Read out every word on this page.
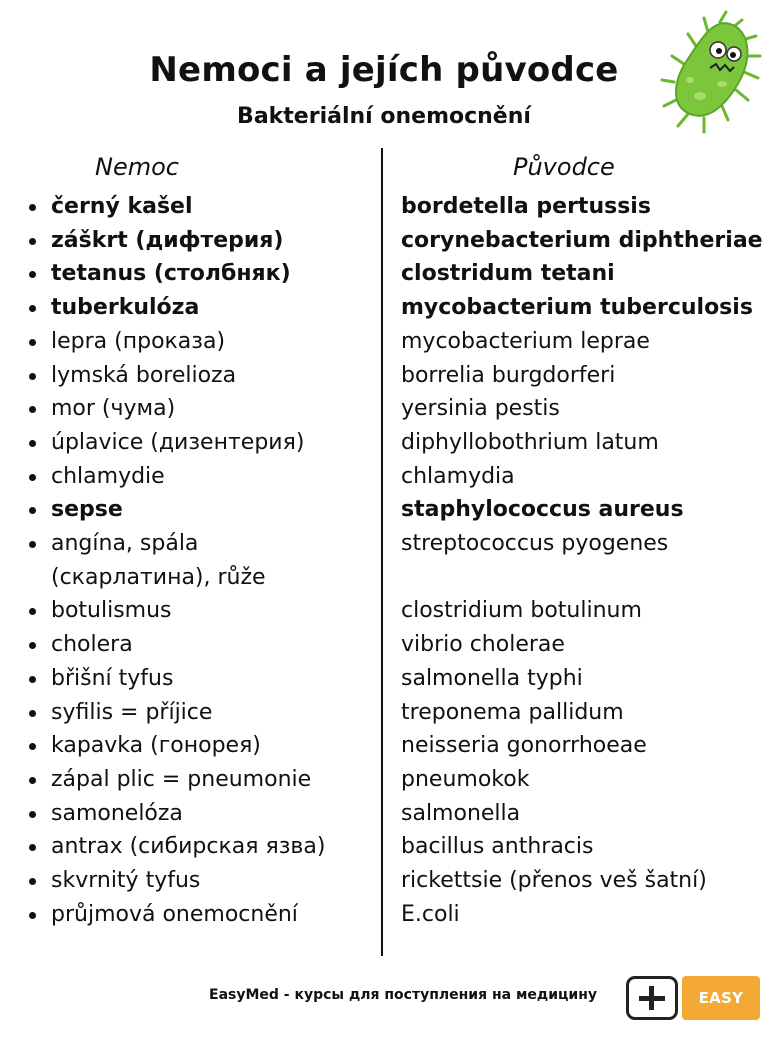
Nemoci a jejích původce
Bakteriální onemocnění
Nemoc	Původce
černý kašel
záškrt (дифтерия)
tetanus (столбняк)
tuberkulóza
lepra (проказа)
lymská borelioza
mor (чума)
úplavice (дизентерия)
chlamydie
sepse
angína, spála
(скарлатина), růže
botulismus
cholera
břišní tyfus
syfilis = příjice
kapavka (гонорея)
zápal plic = pneumonie
samonelóza
antrax (сибирская язва)
skvrnitý tyfus
průjmová onemocnění
bordetella pertussis
corynebacterium diphtheriae
clostridum tetani
mycobacterium tuberculosis
mycobacterium leprae
borrelia burgdorferi
yersinia pestis
diphyllobothrium latum
chlamydia
staphylococcus aureus
streptococcus pyogenes
clostridium botulinum
vibrio cholerae
salmonella typhi
treponema pallidum
neisseria gonorrhoeae
pneumokok
salmonella
bacillus anthracis
rickettsie (přenos veš šatní)
E.coli
EasyMed - курсы для поступления на медицину	EASY MED
